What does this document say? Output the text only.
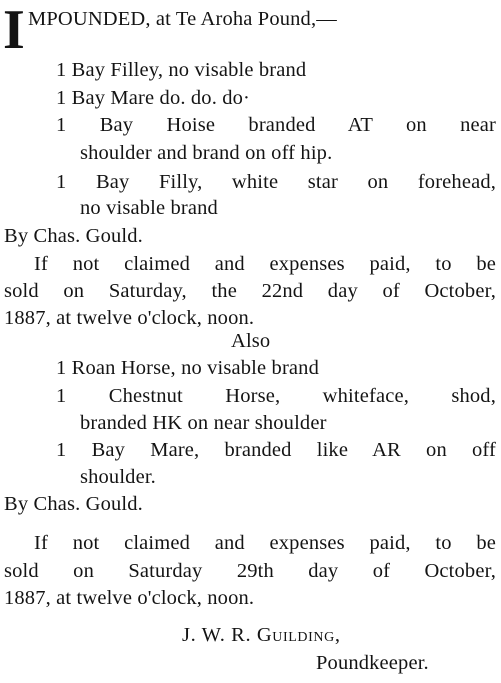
I MPOUNDED, at Te Aroha Pound,—
1 Bay Filley, no visable brand
1 Bay Mare do. do. do·
1 Bay Hoise branded AT on near
shoulder and brand on off hip.
1 Bay Filly, white star on forehead,
no visable brand
By Chas. Gould.
If not claimed and expenses paid, to be
sold on Saturday, the 22nd day of October,
1887, at twelve o'clock, noon.
Also
1 Roan Horse, no visable brand
1 Chestnut Horse, whiteface, shod,
branded HK on near shoulder
1 Bay Mare, branded like AR on off
shoulder.
By Chas. Gould.
If not claimed and expenses paid, to be
sold on Saturday 29th day of October,
1887, at twelve o'clock, noon.
J. W. R. Guilding,
Poundkeeper.
